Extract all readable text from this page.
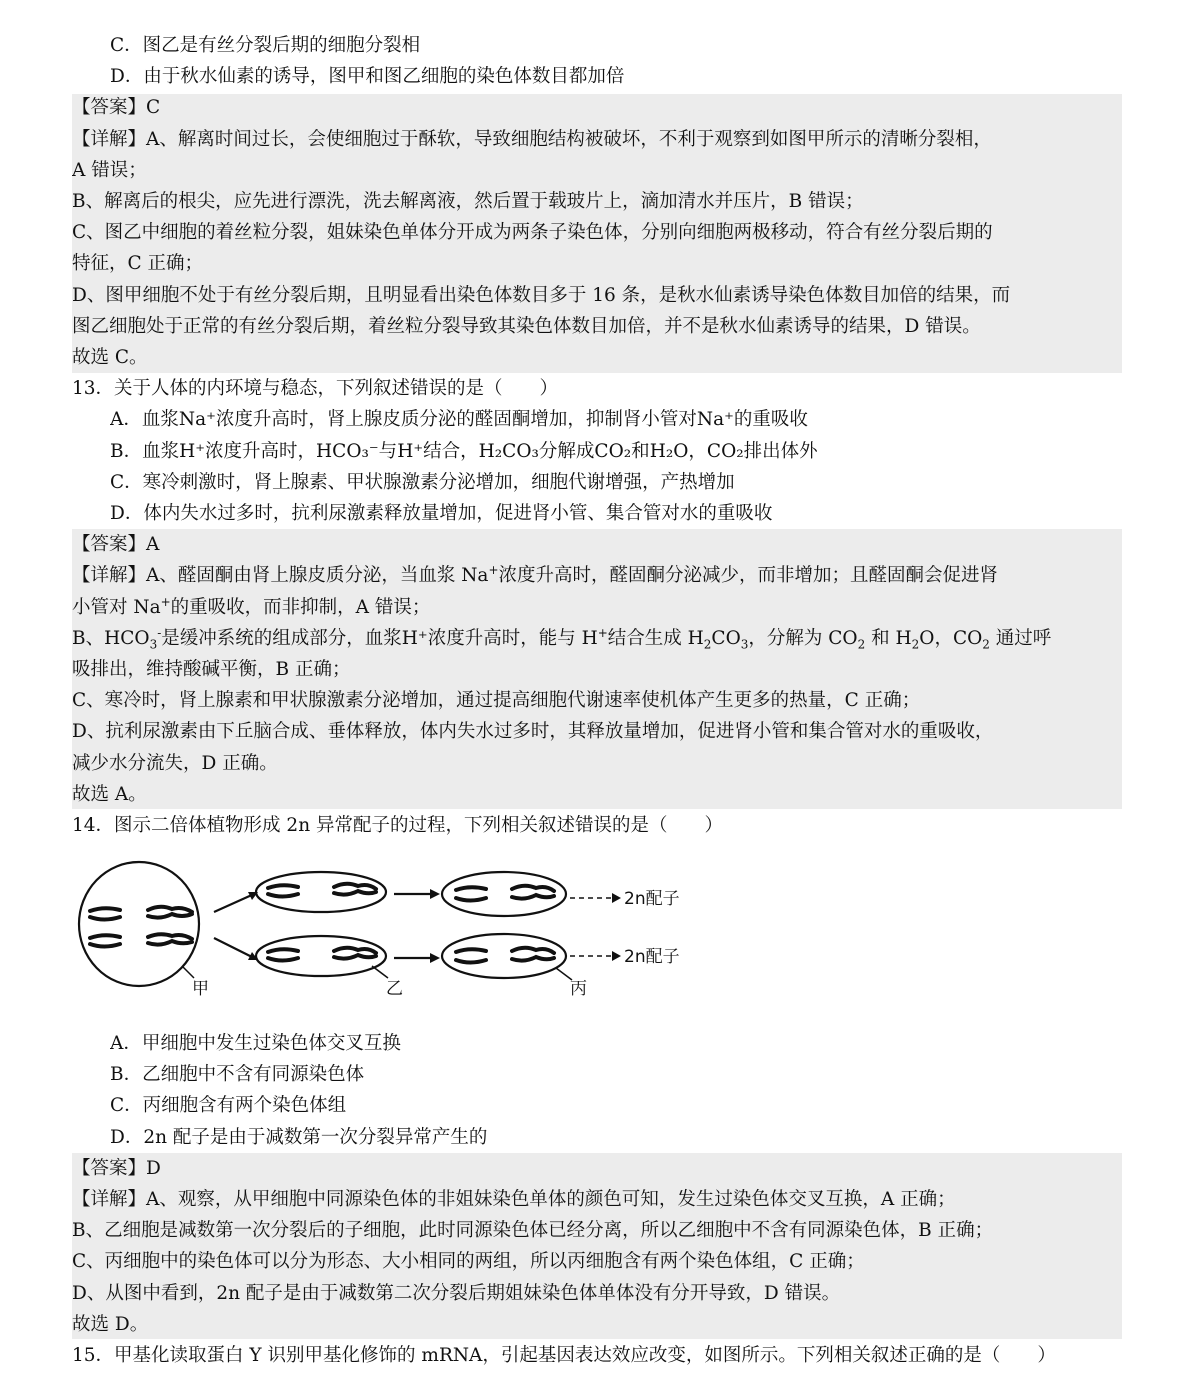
C．图乙是有丝分裂后期的细胞分裂相
D．由于秋水仙素的诱导，图甲和图乙细胞的染色体数目都加倍
【答案】C
【详解】A、解离时间过长，会使细胞过于酥软，导致细胞结构被破坏，不利于观察到如图甲所示的清晰分裂相，
A 错误；
B、解离后的根尖，应先进行漂洗，洗去解离液，然后置于载玻片上，滴加清水并压片，B 错误；
C、图乙中细胞的着丝粒分裂，姐妹染色单体分开成为两条子染色体，分别向细胞两极移动，符合有丝分裂后期的
特征，C 正确；
D、图甲细胞不处于有丝分裂后期，且明显看出染色体数目多于 16 条，是秋水仙素诱导染色体数目加倍的结果，而
图乙细胞处于正常的有丝分裂后期，着丝粒分裂导致其染色体数目加倍，并不是秋水仙素诱导的结果，D 错误。
故选 C。
13．关于人体的内环境与稳态，下列叙述错误的是（　　）
A．血浆Na⁺浓度升高时，肾上腺皮质分泌的醛固酮增加，抑制肾小管对Na⁺的重吸收
B．血浆H⁺浓度升高时，HCO₃⁻与H⁺结合，H₂CO₃分解成CO₂和H₂O，CO₂排出体外
C．寒冷刺激时，肾上腺素、甲状腺激素分泌增加，细胞代谢增强，产热增加
D．体内失水过多时，抗利尿激素释放量增加，促进肾小管、集合管对水的重吸收
【答案】A
【详解】A、醛固酮由肾上腺皮质分泌，当血浆 Na+浓度升高时，醛固酮分泌减少，而非增加；且醛固酮会促进肾
小管对 Na+的重吸收，而非抑制，A 错误；
B、$HCO_3^-$是缓冲系统的组成部分，血浆H⁺浓度升高时，能与 H+结合生成 $H_2CO_3$，分解为 $CO_2$ 和 $H_2O$，$CO_2$ 通过呼
吸排出，维持酸碱平衡，B 正确；
C、寒冷时，肾上腺素和甲状腺激素分泌增加，通过提高细胞代谢速率使机体产生更多的热量，C 正确；
D、抗利尿激素由下丘脑合成、垂体释放，体内失水过多时，其释放量增加，促进肾小管和集合管对水的重吸收，
减少水分流失，D 正确。
故选 A。
14．图示二倍体植物形成 2n 异常配子的过程，下列相关叙述错误的是（　　）
甲	乙	丙
2n配子
2n配子
A．甲细胞中发生过染色体交叉互换
B．乙细胞中不含有同源染色体
C．丙细胞含有两个染色体组
D．2n 配子是由于减数第一次分裂异常产生的
【答案】D
【详解】A、观察，从甲细胞中同源染色体的非姐妹染色单体的颜色可知，发生过染色体交叉互换，A 正确；
B、乙细胞是减数第一次分裂后的子细胞，此时同源染色体已经分离，所以乙细胞中不含有同源染色体，B 正确；
C、丙细胞中的染色体可以分为形态、大小相同的两组，所以丙细胞含有两个染色体组，C 正确；
D、从图中看到，2n 配子是由于减数第二次分裂后期姐妹染色体单体没有分开导致，D 错误。
故选 D。
15．甲基化读取蛋白 Y 识别甲基化修饰的 mRNA，引起基因表达效应改变，如图所示。下列相关叙述正确的是（　　）
